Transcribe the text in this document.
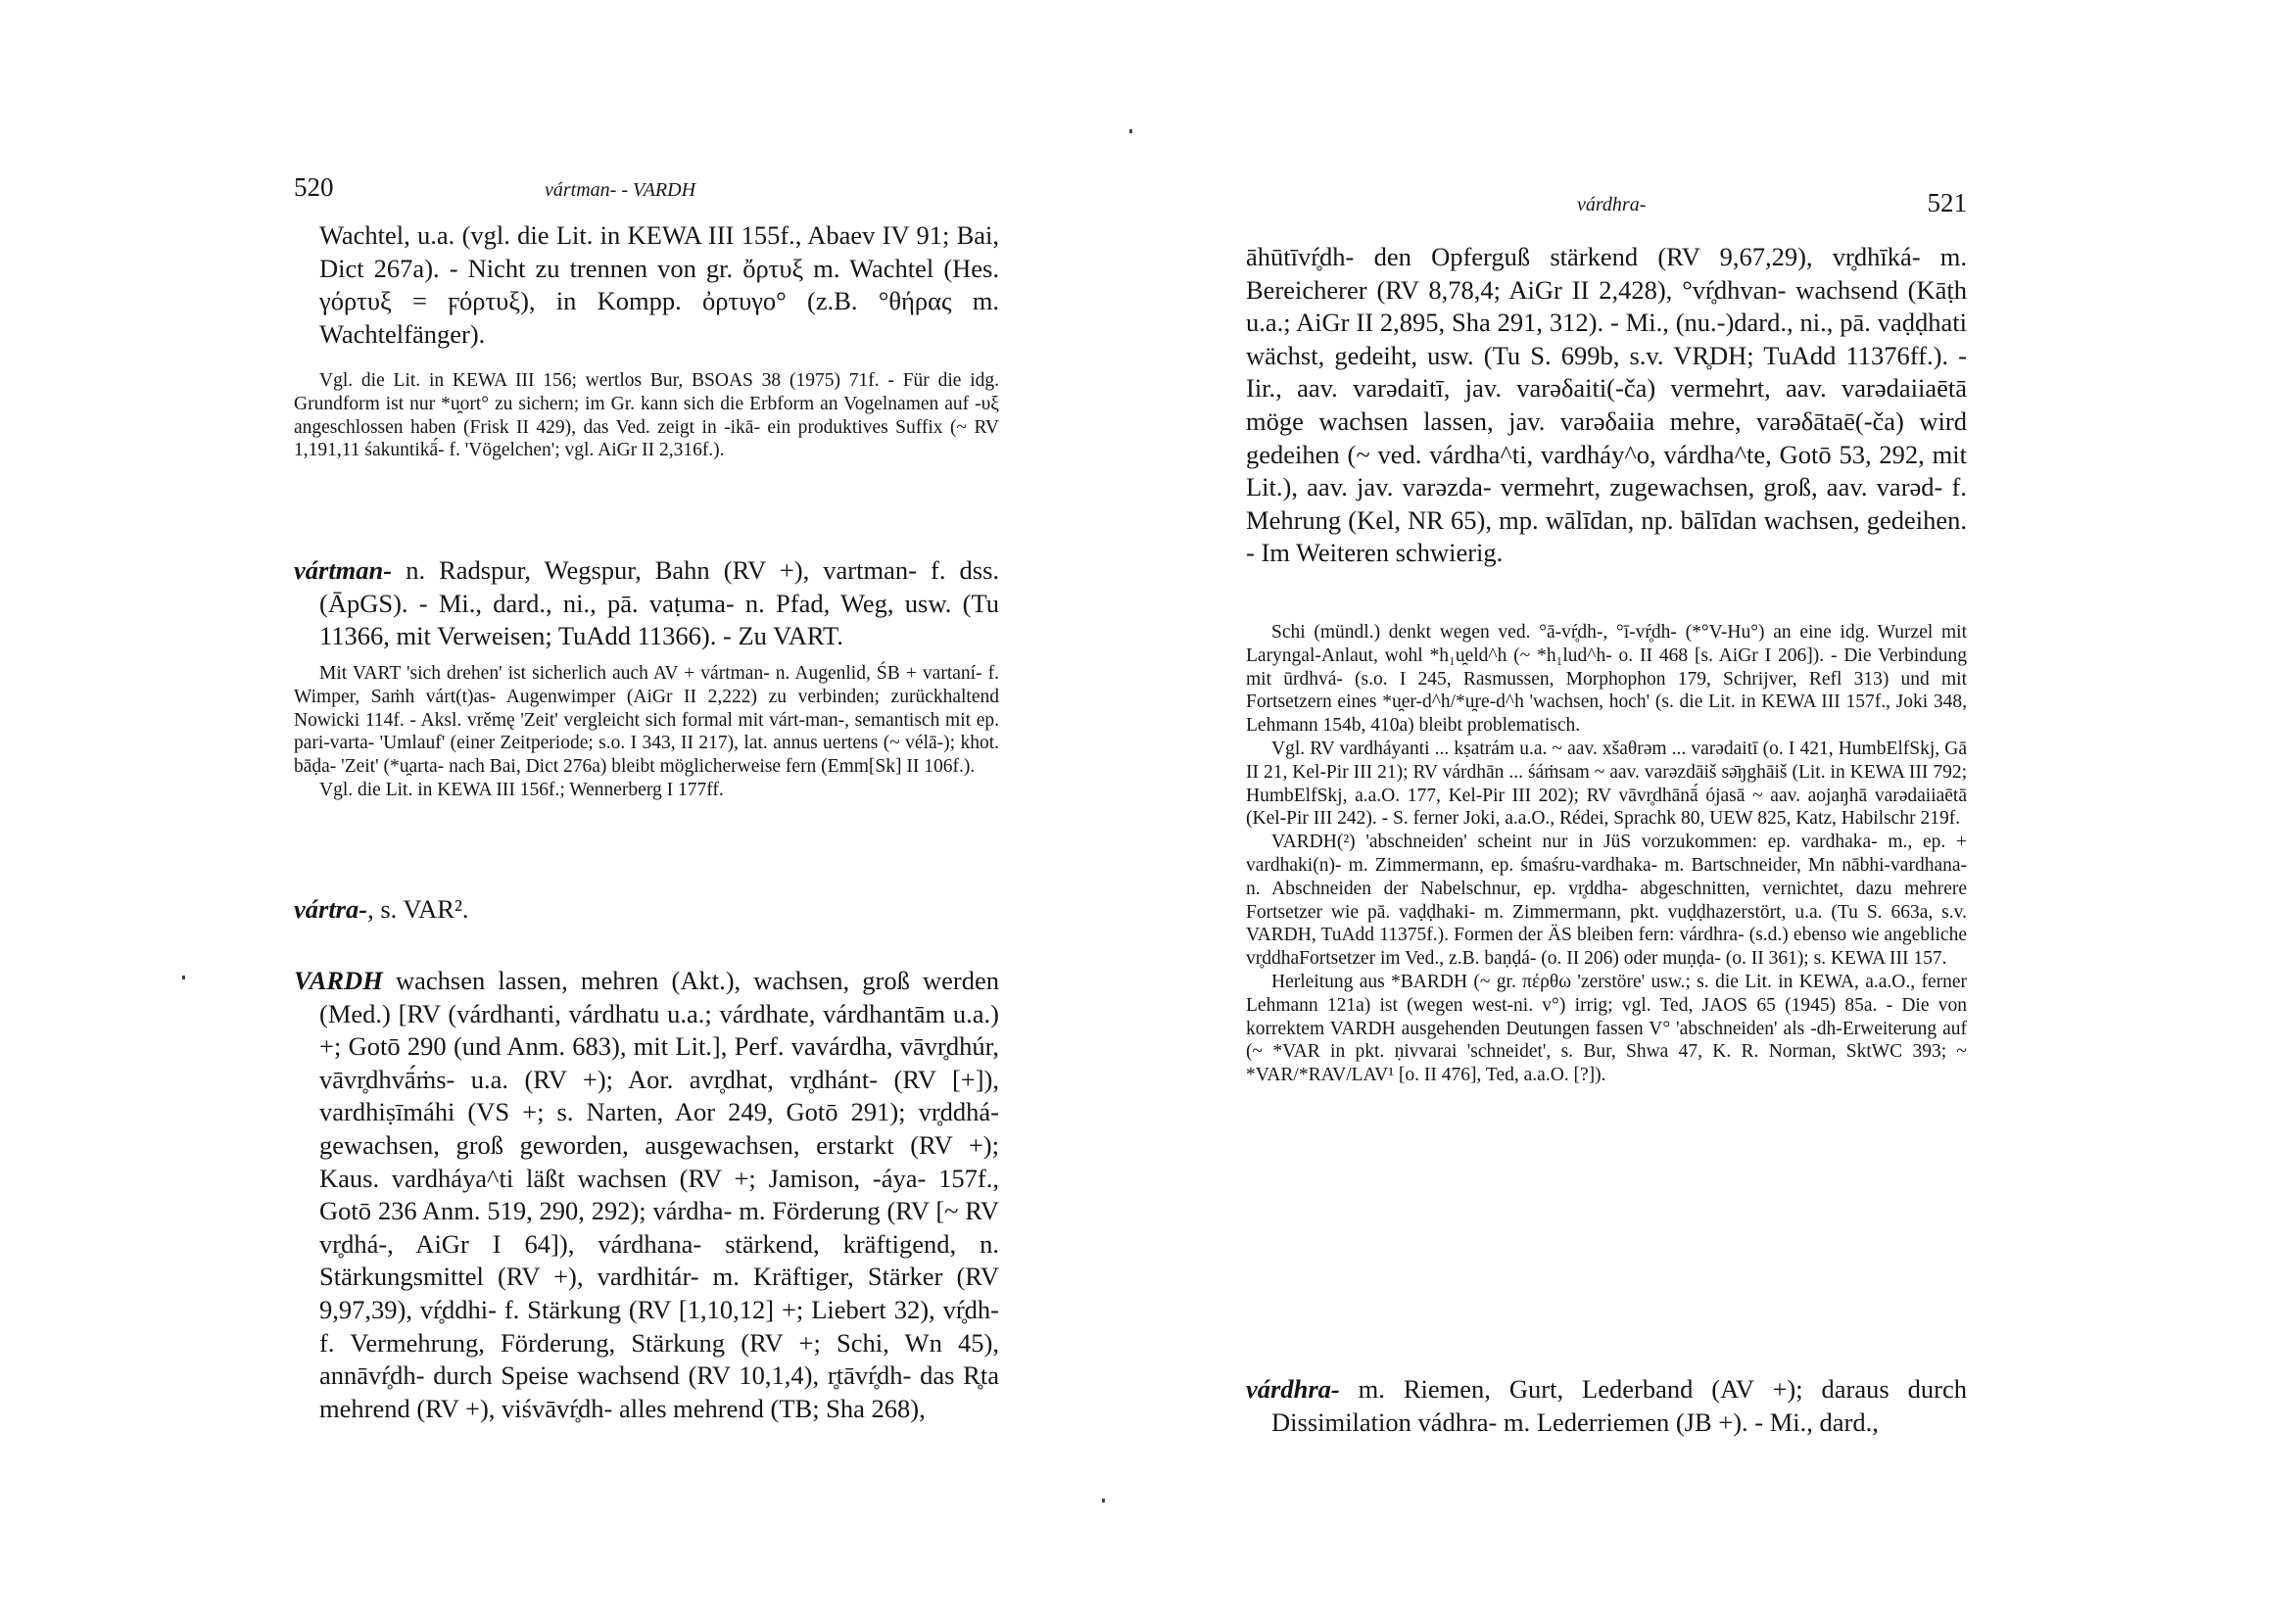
520	vártman- - VARDH

Wachtel, u.a. (vgl. die Lit. in KEWA III 155f., Abaev IV 91; Bai, Dict 267a). - Nicht zu trennen von gr. ὄρτυξ m. Wachtel (Hes. γόρτυξ = ϝόρτυξ), in Kompp. ὀρτυγο° (z.B. °θήρας m. Wachtelfänger).

Vgl. die Lit. in KEWA III 156; wertlos Bur, BSOAS 38 (1975) 71f. - Für die idg. Grundform ist nur *u̯ort° zu sichern; im Gr. kann sich die Erbform an Vogelnamen auf -υξ angeschlossen haben (Frisk II 429), das Ved. zeigt in -ikā- ein produktives Suffix (~ RV 1,191,11 śakuntikā́- f. 'Vögelchen'; vgl. AiGr II 2,316f.).

vártman- n. Radspur, Wegspur, Bahn (RV +), vartman- f. dss. (ĀpGS). - Mi., dard., ni., pā. vaṭuma- n. Pfad, Weg, usw. (Tu 11366, mit Verweisen; TuAdd 11366). - Zu VART.

Mit VART 'sich drehen' ist sicherlich auch AV + vártman- n. Augenlid, ŚB + vartaní- f. Wimper, Saṁh várt(t)as- Augenwimper (AiGr II 2,222) zu verbinden; zurückhaltend Nowicki 114f. - Aksl. vrěmę 'Zeit' vergleicht sich formal mit várt-man-, semantisch mit ep. pari-varta- 'Umlauf' (einer Zeitperiode; s.o. I 343, II 217), lat. annus uertens (~ vélā-); khot. bāḍa- 'Zeit' (*u̯arta- nach Bai, Dict 276a) bleibt möglicherweise fern (Emm[Sk] II 106f.).

Vgl. die Lit. in KEWA III 156f.; Wennerberg I 177ff.

vártra-, s. VAR².

VARDH wachsen lassen, mehren (Akt.), wachsen, groß werden (Med.) [RV (várdhanti, várdhatu u.a.; várdhate, várdhantām u.a.) +; Gotō 290 (und Anm. 683), mit Lit.], Perf. vavárdha, vāvr̥dhúr, vāvr̥dhvā́ṁs- u.a. (RV +); Aor. avr̥dhat, vr̥dhánt- (RV [+]), vardhiṣīmáhi (VS +; s. Narten, Aor 249, Gotō 291); vr̥ddhá- gewachsen, groß geworden, ausgewachsen, erstarkt (RV +); Kaus. vardháya^ti läßt wachsen (RV +; Jamison, -áya- 157f., Gotō 236 Anm. 519, 290, 292); várdha- m. Förderung (RV [~ RV vr̥dhá-, AiGr I 64]), várdhana- stärkend, kräftigend, n. Stärkungsmittel (RV +), vardhitár- m. Kräftiger, Stärker (RV 9,97,39), vŕ̥ddhi- f. Stärkung (RV [1,10,12] +; Liebert 32), vŕ̥dh- f. Vermehrung, Förderung, Stärkung (RV +; Schi, Wn 45), annāvŕ̥dh- durch Speise wachsend (RV 10,1,4), r̥tāvŕ̥dh- das R̥ta mehrend (RV +), viśvāvŕ̥dh- alles mehrend (TB; Sha 268),

várdhra-	521

āhūtīvŕ̥dh- den Opferguß stärkend (RV 9,67,29), vr̥dhīká- m. Bereicherer (RV 8,78,4; AiGr II 2,428), °vŕ̥dhvan- wachsend (Kāṭh u.a.; AiGr II 2,895, Sha 291, 312). - Mi., (nu.-)dard., ni., pā. vaḍḍhati wächst, gedeiht, usw. (Tu S. 699b, s.v. VR̥DH; TuAdd 11376ff.). - Iir., aav. varədaitī, jav. varəδaiti(-ča) vermehrt, aav. varədaiiaētā möge wachsen lassen, jav. varəδaiia mehre, varəδātaē(-ča) wird gedeihen (~ ved. várdha^ti, vardháy^o, várdha^te, Gotō 53, 292, mit Lit.), aav. jav. varəzda- vermehrt, zugewachsen, groß, aav. varəd- f. Mehrung (Kel, NR 65), mp. wālīdan, np. bālīdan wachsen, gedeihen. - Im Weiteren schwierig.

Schi (mündl.) denkt wegen ved. °ā-vŕ̥dh-, °ī-vŕ̥dh- (*°V-Hu°) an eine idg. Wurzel mit Laryngal-Anlaut, wohl *h₁u̯eld^h (~ *h₁lud^h- o. II 468 [s. AiGr I 206]). - Die Verbindung mit ūrdhvá- (s.o. I 245, Rasmussen, Morphophon 179, Schrijver, Refl 313) und mit Fortsetzern eines *u̯er-d^h/*u̯re-d^h 'wachsen, hoch' (s. die Lit. in KEWA III 157f., Joki 348, Lehmann 154b, 410a) bleibt problematisch.

Vgl. RV vardháyanti ... kṣatrám u.a. ~ aav. xšaθrəm ... varədaitī (o. I 421, HumbElfSkj, Gā II 21, Kel-Pir III 21); RV várdhān ... śáṁsam ~ aav. varəzdāiš sə̄ŋghāiš (Lit. in KEWA III 792; HumbElfSkj, a.a.O. 177, Kel-Pir III 202); RV vāvr̥dhānā́ ójasā ~ aav. aojaŋhā varədaiiaētā (Kel-Pir III 242). - S. ferner Joki, a.a.O., Rédei, Sprachk 80, UEW 825, Katz, Habilschr 219f.

VARDH(²) 'abschneiden' scheint nur in JüS vorzukommen: ep. vardhaka- m., ep. + vardhaki(n)- m. Zimmermann, ep. śmaśru-vardhaka- m. Bartschneider, Mn nābhi-vardhana- n. Abschneiden der Nabelschnur, ep. vr̥ddha- abgeschnitten, vernichtet, dazu mehrere Fortsetzer wie pā. vaḍḍhaki- m. Zimmermann, pkt. vuḍḍhazerstört, u.a. (Tu S. 663a, s.v. VARDH, TuAdd 11375f.). Formen der ÄS bleiben fern: várdhra- (s.d.) ebenso wie angebliche vr̥ddhaFortsetzer im Ved., z.B. baṇḍá- (o. II 206) oder muṇḍa- (o. II 361); s. KEWA III 157.

Herleitung aus *BARDH (~ gr. πέρθω 'zerstöre' usw.; s. die Lit. in KEWA, a.a.O., ferner Lehmann 121a) ist (wegen west-ni. v°) irrig; vgl. Ted, JAOS 65 (1945) 85a. - Die von korrektem VARDH ausgehenden Deutungen fassen V° 'abschneiden' als -dh-Erweiterung auf (~ *VAR in pkt. ṇivvarai 'schneidet', s. Bur, Shwa 47, K. R. Norman, SktWC 393; ~ *VAR/*RAV/LAV¹ [o. II 476], Ted, a.a.O. [?]).

várdhra- m. Riemen, Gurt, Lederband (AV +); daraus durch Dissimilation vádhra- m. Lederriemen (JB +). - Mi., dard.,
